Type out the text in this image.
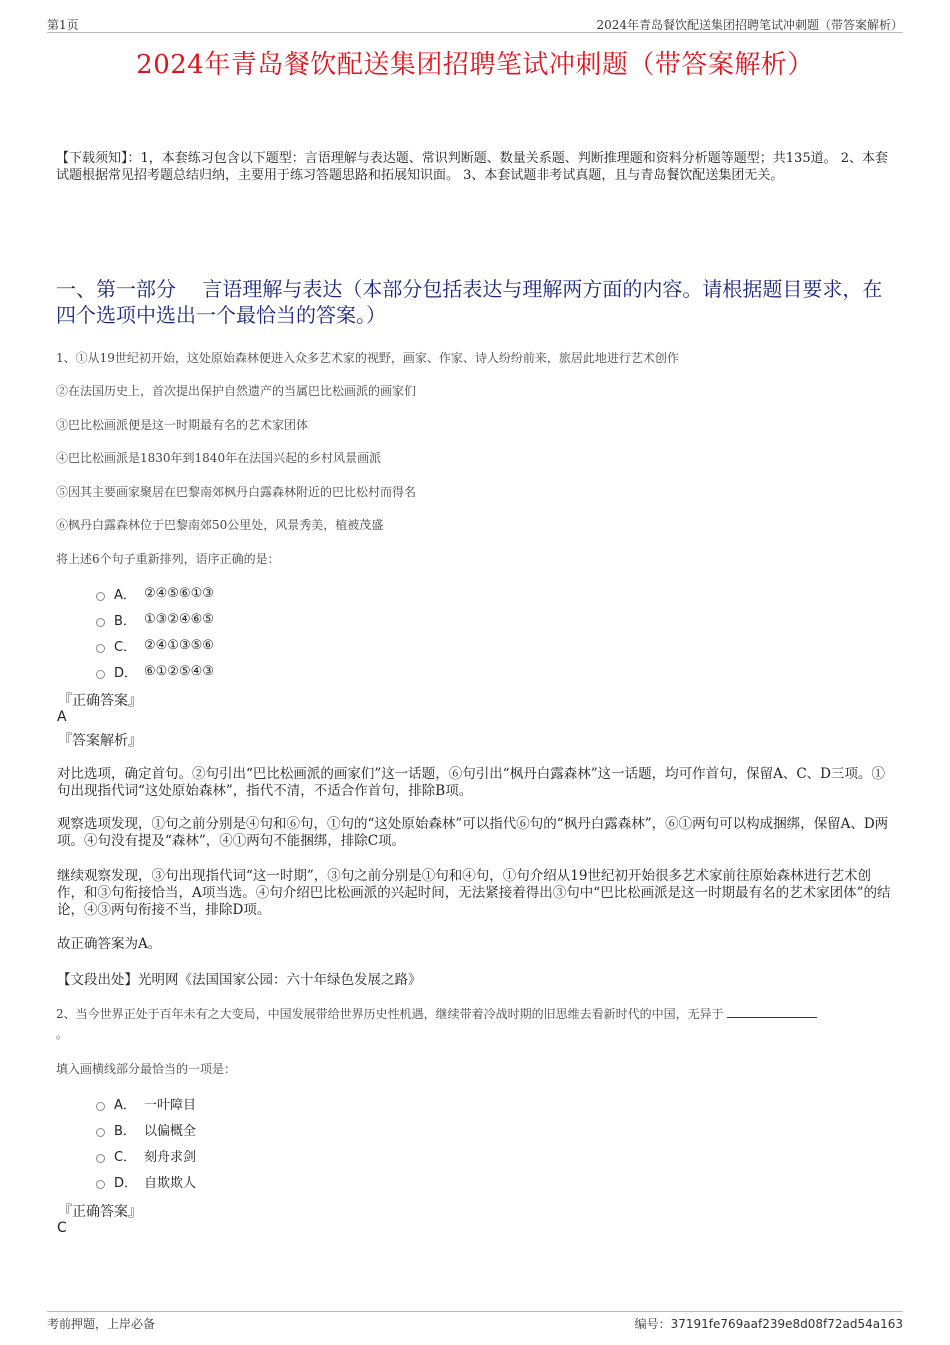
第1页	2024年青岛餐饮配送集团招聘笔试冲刺题（带答案解析）
2024年青岛餐饮配送集团招聘笔试冲刺题（带答案解析）
【下载须知】：1，本套练习包含以下题型：言语理解与表达题、常识判断题、数量关系题、判断推理题和资料分析题等题型；共135道。 2、本套试题根据常见招考题总结归纳，主要用于练习答题思路和拓展知识面。 3、本套试题非考试真题，且与青岛餐饮配送集团无关。
一、第一部分　 言语理解与表达（本部分包括表达与理解两方面的内容。请根据题目要求，在四个选项中选出一个最恰当的答案。）
1、①从19世纪初开始，这处原始森林便进入众多艺术家的视野，画家、作家、诗人纷纷前来，旅居此地进行艺术创作
②在法国历史上，首次提出保护自然遗产的当属巴比松画派的画家们
③巴比松画派便是这一时期最有名的艺术家团体
④巴比松画派是1830年到1840年在法国兴起的乡村风景画派
⑤因其主要画家聚居在巴黎南郊枫丹白露森林附近的巴比松村而得名
⑥枫丹白露森林位于巴黎南郊50公里处，风景秀美，植被茂盛
将上述6个句子重新排列，语序正确的是：
A． ②④⑤⑥①③
B． ①③②④⑥⑤
C． ②④①③⑤⑥
D． ⑥①②⑤④③
『正确答案』
A
『答案解析』
对比选项，确定首句。②句引出“巴比松画派的画家们”这一话题，⑥句引出“枫丹白露森林”这一话题，均可作首句，保留A、C、D三项。①句出现指代词“这处原始森林”，指代不清，不适合作首句，排除B项。
观察选项发现，①句之前分别是④句和⑥句，①句的“这处原始森林”可以指代⑥句的“枫丹白露森林”，⑥①两句可以构成捆绑，保留A、D两项。④句没有提及“森林”，④①两句不能捆绑，排除C项。
继续观察发现，③句出现指代词“这一时期”，③句之前分别是①句和④句，①句介绍从19世纪初开始很多艺术家前往原始森林进行艺术创作，和③句衔接恰当，A项当选。④句介绍巴比松画派的兴起时间，无法紧接着得出③句中“巴比松画派是这一时期最有名的艺术家团体”的结论，④③两句衔接不当，排除D项。
故正确答案为A。
【文段出处】光明网《法国国家公园：六十年绿色发展之路》
2、当今世界正处于百年未有之大变局，中国发展带给世界历史性机遇，继续带着冷战时期的旧思维去看新时代的中国，无异于
。
填入画横线部分最恰当的一项是：
A． 一叶障目
B． 以偏概全
C． 刻舟求剑
D． 自欺欺人
『正确答案』
C
考前押题，上岸必备	编号：37191fe769aaf239e8d08f72ad54a163
